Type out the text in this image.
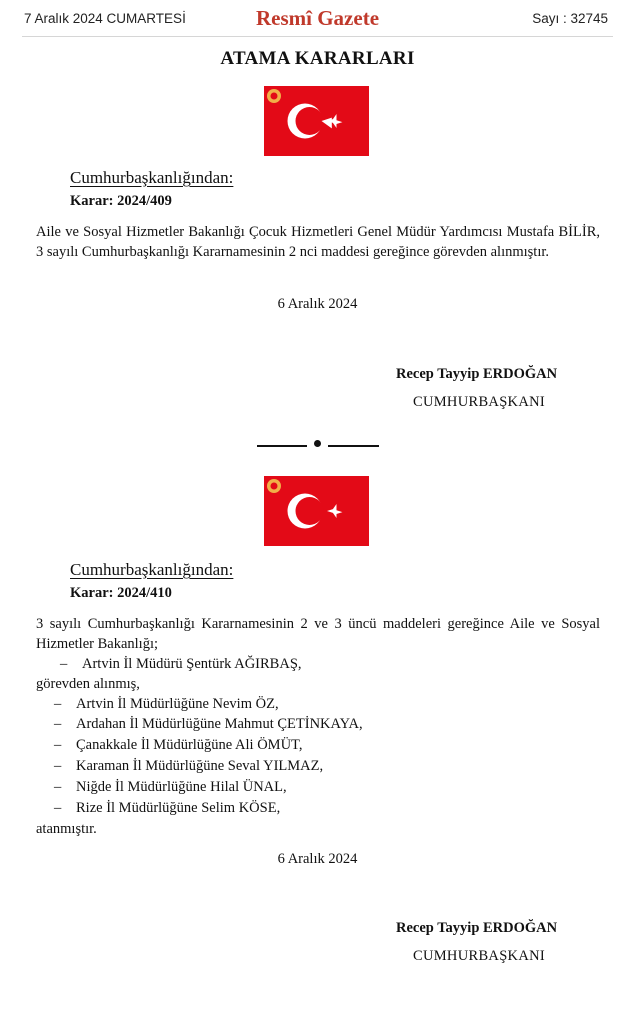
7 Aralık 2024 CUMARTESİ	Resmî Gazete	Sayı : 32745
ATAMA KARARLARI
Cumhurbaşkanlığından:
Karar: 2024/409
Aile ve Sosyal Hizmetler Bakanlığı Çocuk Hizmetleri Genel Müdür Yardımcısı Mustafa BİLİR, 3 sayılı Cumhurbaşkanlığı Kararnamesinin 2 nci maddesi gereğince görevden alınmıştır.
6 Aralık 2024
Recep Tayyip ERDOĞAN
CUMHURBAŞKANI
Cumhurbaşkanlığından:
Karar: 2024/410
3 sayılı Cumhurbaşkanlığı Kararnamesinin 2 ve 3 üncü maddeleri gereğince Aile ve Sosyal Hizmetler Bakanlığı;
– Artvin İl Müdürü Şentürk AĞIRBAŞ,
görevden alınmış,
– Artvin İl Müdürlüğüne Nevim ÖZ,
– Ardahan İl Müdürlüğüne Mahmut ÇETİNKAYA,
– Çanakkale İl Müdürlüğüne Ali ÖMÜT,
– Karaman İl Müdürlüğüne Seval YILMAZ,
– Niğde İl Müdürlüğüne Hilal ÜNAL,
– Rize İl Müdürlüğüne Selim KÖSE,
atanmıştır.
6 Aralık 2024
Recep Tayyip ERDOĞAN
CUMHURBAŞKANI
